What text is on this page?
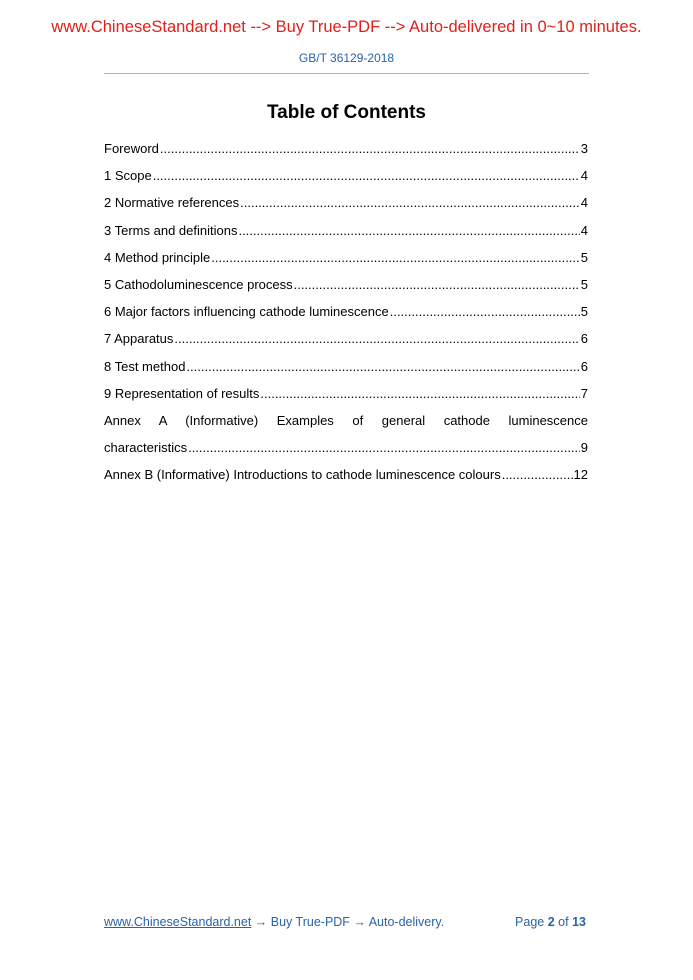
www.ChineseStandard.net --> Buy True-PDF --> Auto-delivered in 0~10 minutes.
GB/T 36129-2018
Table of Contents
Foreword .....	3
1 Scope .....	4
2 Normative references .....	4
3 Terms and definitions .....	4
4 Method principle .....	5
5 Cathodoluminescence process .....	5
6 Major factors influencing cathode luminescence .....	5
7 Apparatus .....	6
8 Test method .....	6
9 Representation of results .....	7
Annex A (Informative) Examples of general cathode luminescence
characteristics .....	9
Annex B (Informative) Introductions to cathode luminescence colours .....	12
www.ChineseStandard.net → Buy True-PDF → Auto-delivery.	Page 2 of 13
